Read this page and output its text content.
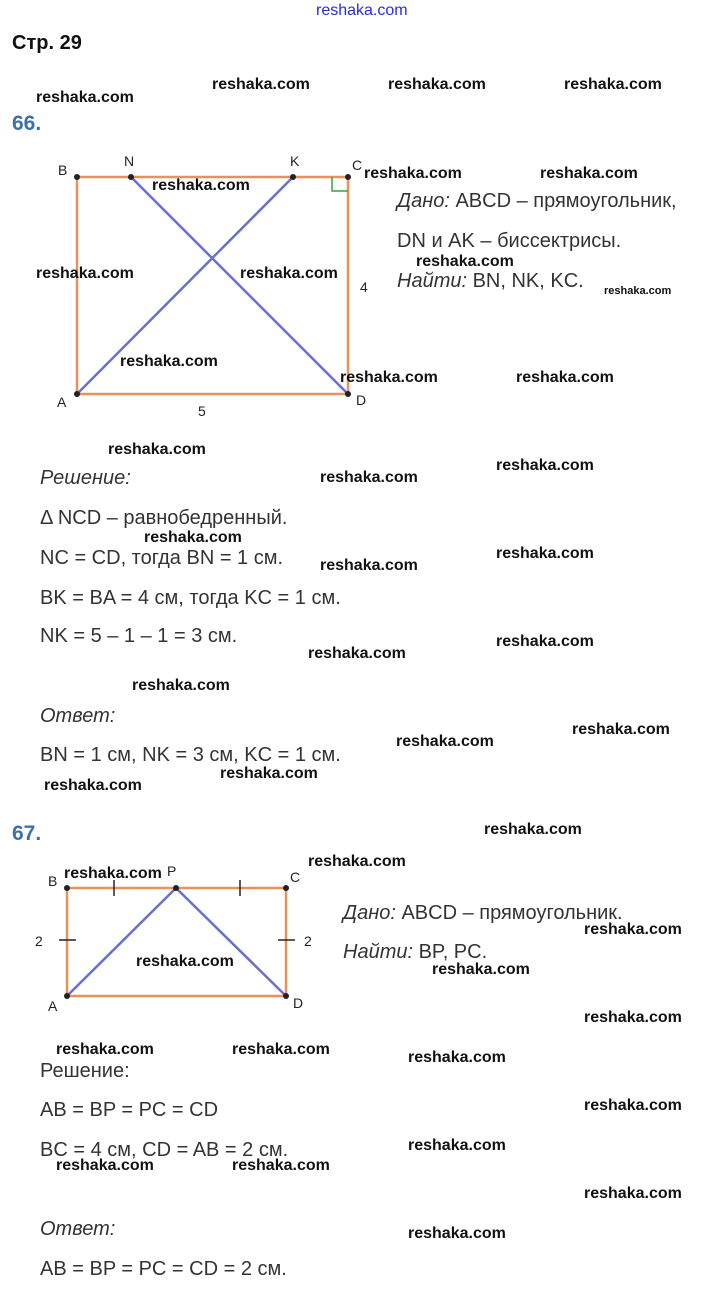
reshaka.com
Стр. 29
66.
B
N	K	C
A	D
5
4
B
P	C
A	D
2	2
Дано: ABCD – прямоугольник,
DN и AK – биссектрисы.
Найти: BN, NK, KC.
Решение:
Δ NCD – равнобедренный.
NC = CD, тогда BN = 1 см.
BK = BA = 4 см, тогда KC = 1 см.
NK = 5 – 1 – 1 = 3 см.
Ответ:
BN = 1 см, NK = 3 см, KC = 1 см.
67.
Дано: ABCD – прямоугольник.
Найти: BP, PC.
Решение:
AB = BP = PC = CD
BC = 4 см, CD = AB = 2 см.
Ответ:
AB = BP = PC = CD = 2 см.
reshaka.com
reshaka.com	reshaka.com	reshaka.com
reshaka.com
reshaka.com	reshaka.com
reshaka.com
reshaka.com
reshaka.com	reshaka.com
reshaka.com
reshaka.com	reshaka.com
reshaka.com
reshaka.com
reshaka.com
reshaka.com
reshaka.com
reshaka.com
reshaka.com
reshaka.com
reshaka.com
reshaka.com
reshaka.com
reshaka.com
reshaka.com
reshaka.com
reshaka.com
reshaka.com
reshaka.com
reshaka.com
reshaka.com
reshaka.com
reshaka.com	reshaka.com	reshaka.com
reshaka.com
reshaka.com
reshaka.com	reshaka.com
reshaka.com
reshaka.com
